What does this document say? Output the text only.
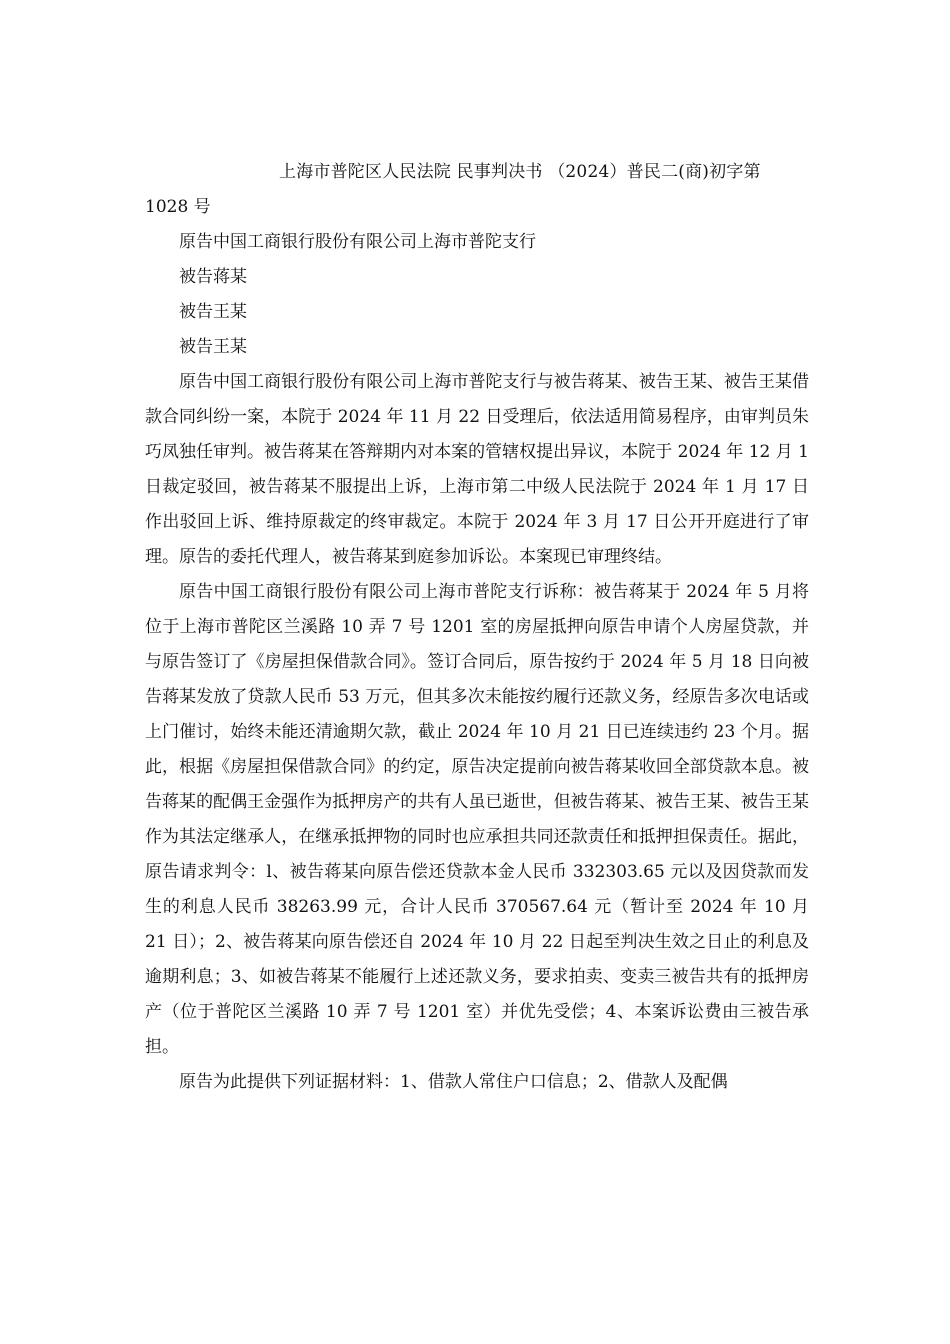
上海市普陀区人民法院 民事判决书 （2024）普民二(商)初字第

1028 号

原告中国工商银行股份有限公司上海市普陀支行

被告蒋某

被告王某

被告王某

原告中国工商银行股份有限公司上海市普陀支行与被告蒋某、被告王某、被告王某借款合同纠纷一案，本院于 2024 年 11 月 22 日受理后，依法适用简易程序，由审判员朱巧凤独任审判。被告蒋某在答辩期内对本案的管辖权提出异议，本院于 2024 年 12 月 1 日裁定驳回，被告蒋某不服提出上诉，上海市第二中级人民法院于 2024 年 1 月 17 日作出驳回上诉、维持原裁定的终审裁定。本院于 2024 年 3 月 17 日公开开庭进行了审理。原告的委托代理人，被告蒋某到庭参加诉讼。本案现已审理终结。

原告中国工商银行股份有限公司上海市普陀支行诉称：被告蒋某于 2024 年 5 月将位于上海市普陀区兰溪路 10 弄 7 号 1201 室的房屋抵押向原告申请个人房屋贷款，并与原告签订了《房屋担保借款合同》。签订合同后，原告按约于 2024 年 5 月 18 日向被告蒋某发放了贷款人民币 53 万元，但其多次未能按约履行还款义务，经原告多次电话或上门催讨，始终未能还清逾期欠款，截止 2024 年 10 月 21 日已连续违约 23 个月。据此，根据《房屋担保借款合同》的约定，原告决定提前向被告蒋某收回全部贷款本息。被告蒋某的配偶王金强作为抵押房产的共有人虽已逝世，但被告蒋某、被告王某、被告王某作为其法定继承人，在继承抵押物的同时也应承担共同还款责任和抵押担保责任。据此，原告请求判令：l、被告蒋某向原告偿还贷款本金人民币 332303.65 元以及因贷款而发生的利息人民币 38263.99 元，合计人民币 370567.64 元（暂计至 2024 年 10 月 21 日）；2、被告蒋某向原告偿还自 2024 年 10 月 22 日起至判决生效之日止的利息及逾期利息；3、如被告蒋某不能履行上述还款义务，要求拍卖、变卖三被告共有的抵押房产（位于普陀区兰溪路 10 弄 7 号 1201 室）并优先受偿；4、本案诉讼费由三被告承担。

原告为此提供下列证据材料：1、借款人常住户口信息；2、借款人及配偶
